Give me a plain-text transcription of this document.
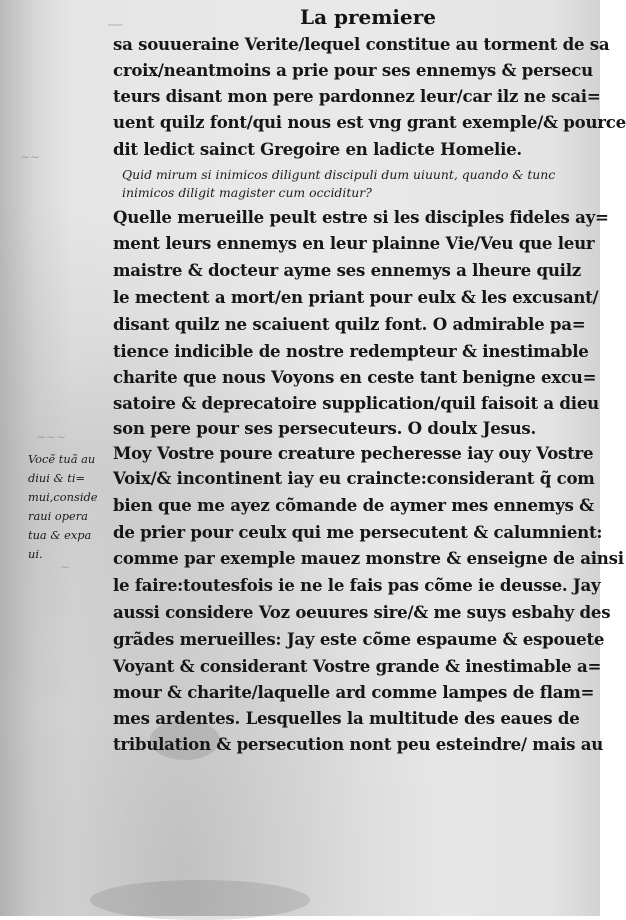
──
∼∼
∼∼∼
∼
La premiere
sa souueraine Verite/lequel constitue au torment de sa
croix/neantmoins a prie pour ses ennemys & persecu
teurs disant mon pere pardonnez leur/car ilz ne scai=
uent quilz font/qui nous est vng grant exemple/& pource
dit ledict sainct Gregoire en ladicte Homelie.
Quid mirum si inimicos diligunt discipuli dum uiuunt, quando & tunc
inimicos diligit magister cum occiditur?
Quelle merueille peult estre si les disciples fideles ay=
ment leurs ennemys en leur plainne Vie/Veu que leur
maistre & docteur ayme ses ennemys a lheure quilz
le mectent a mort/en priant pour eulx & les excusant/
disant quilz ne scaiuent quilz font. O admirable pa=
tience indicible de nostre redempteur & inestimable
charite que nous Voyons en ceste tant benigne excu=
satoire & deprecatoire supplication/quil faisoit a dieu
son pere pour ses persecuteurs. O doulx Jesus.
Moy Vostre poure creature pecheresse iay ouy Vostre
Voix/& incontinent iay eu craincte:considerant q̃ com
bien que me ayez cõmande de aymer mes ennemys &
de prier pour ceulx qui me persecutent & calumnient:
comme par exemple mauez monstre & enseigne de ainsi
le faire:toutesfois ie ne le fais pas cõme ie deusse. Jay
aussi considere Voz oeuures sire/& me suys esbahy des
grãdes merueilles: Jay este cõme espaume & espouete
Voyant & considerant Vostre grande & inestimable a=
mour & charite/laquelle ard comme lampes de flam=
mes ardentes. Lesquelles la multitude des eaues de
tribulation & persecution nont peu esteindre/ mais au
Vocẽ tuã au
diui & ti=
mui,conside
raui opera
tua & expa
ui.
